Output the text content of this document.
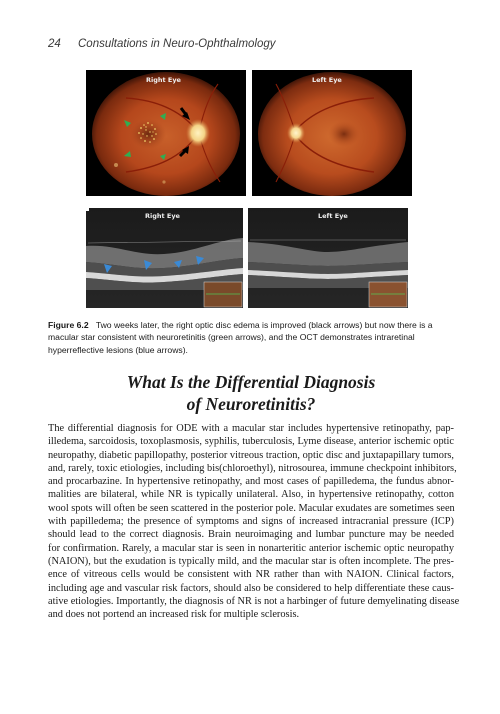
24 Consultations in Neuro-Ophthalmology
Right Eye	Left Eye
Right Eye	Left Eye
Figure 6.2 Two weeks later, the right optic disc edema is improved (black arrows) but now there is a macular star consistent with neuroretinitis (green arrows), and the OCT demonstrates intraretinal hyperreflective lesions (blue arrows).
What Is the Differential Diagnosis
of Neuroretinitis?
The differential diagnosis for ODE with a macular star includes hypertensive retinopathy, pap-
illedema, sarcoidosis, toxoplasmosis, syphilis, tuberculosis, Lyme disease, anterior ischemic optic
neuropathy, diabetic papillopathy, posterior vitreous traction, optic disc and juxtapapillary tumors,
and, rarely, toxic etiologies, including bis(chloroethyl), nitrosourea, immune checkpoint inhibitors,
and procarbazine. In hypertensive retinopathy, and most cases of papilledema, the fundus abnor-
malities are bilateral, while NR is typically unilateral. Also, in hypertensive retinopathy, cotton
wool spots will often be seen scattered in the posterior pole. Macular exudates are sometimes seen
with papilledema; the presence of symptoms and signs of increased intracranial pressure (ICP)
should lead to the correct diagnosis. Brain neuroimaging and lumbar puncture may be needed
for confirmation. Rarely, a macular star is seen in nonarteritic anterior ischemic optic neuropathy
(NAION), but the exudation is typically mild, and the macular star is often incomplete. The pres-
ence of vitreous cells would be consistent with NR rather than with NAION. Clinical factors,
including age and vascular risk factors, should also be considered to help differentiate these caus-
ative etiologies. Importantly, the diagnosis of NR is not a harbinger of future demyelinating disease
and does not portend an increased risk for multiple sclerosis.
